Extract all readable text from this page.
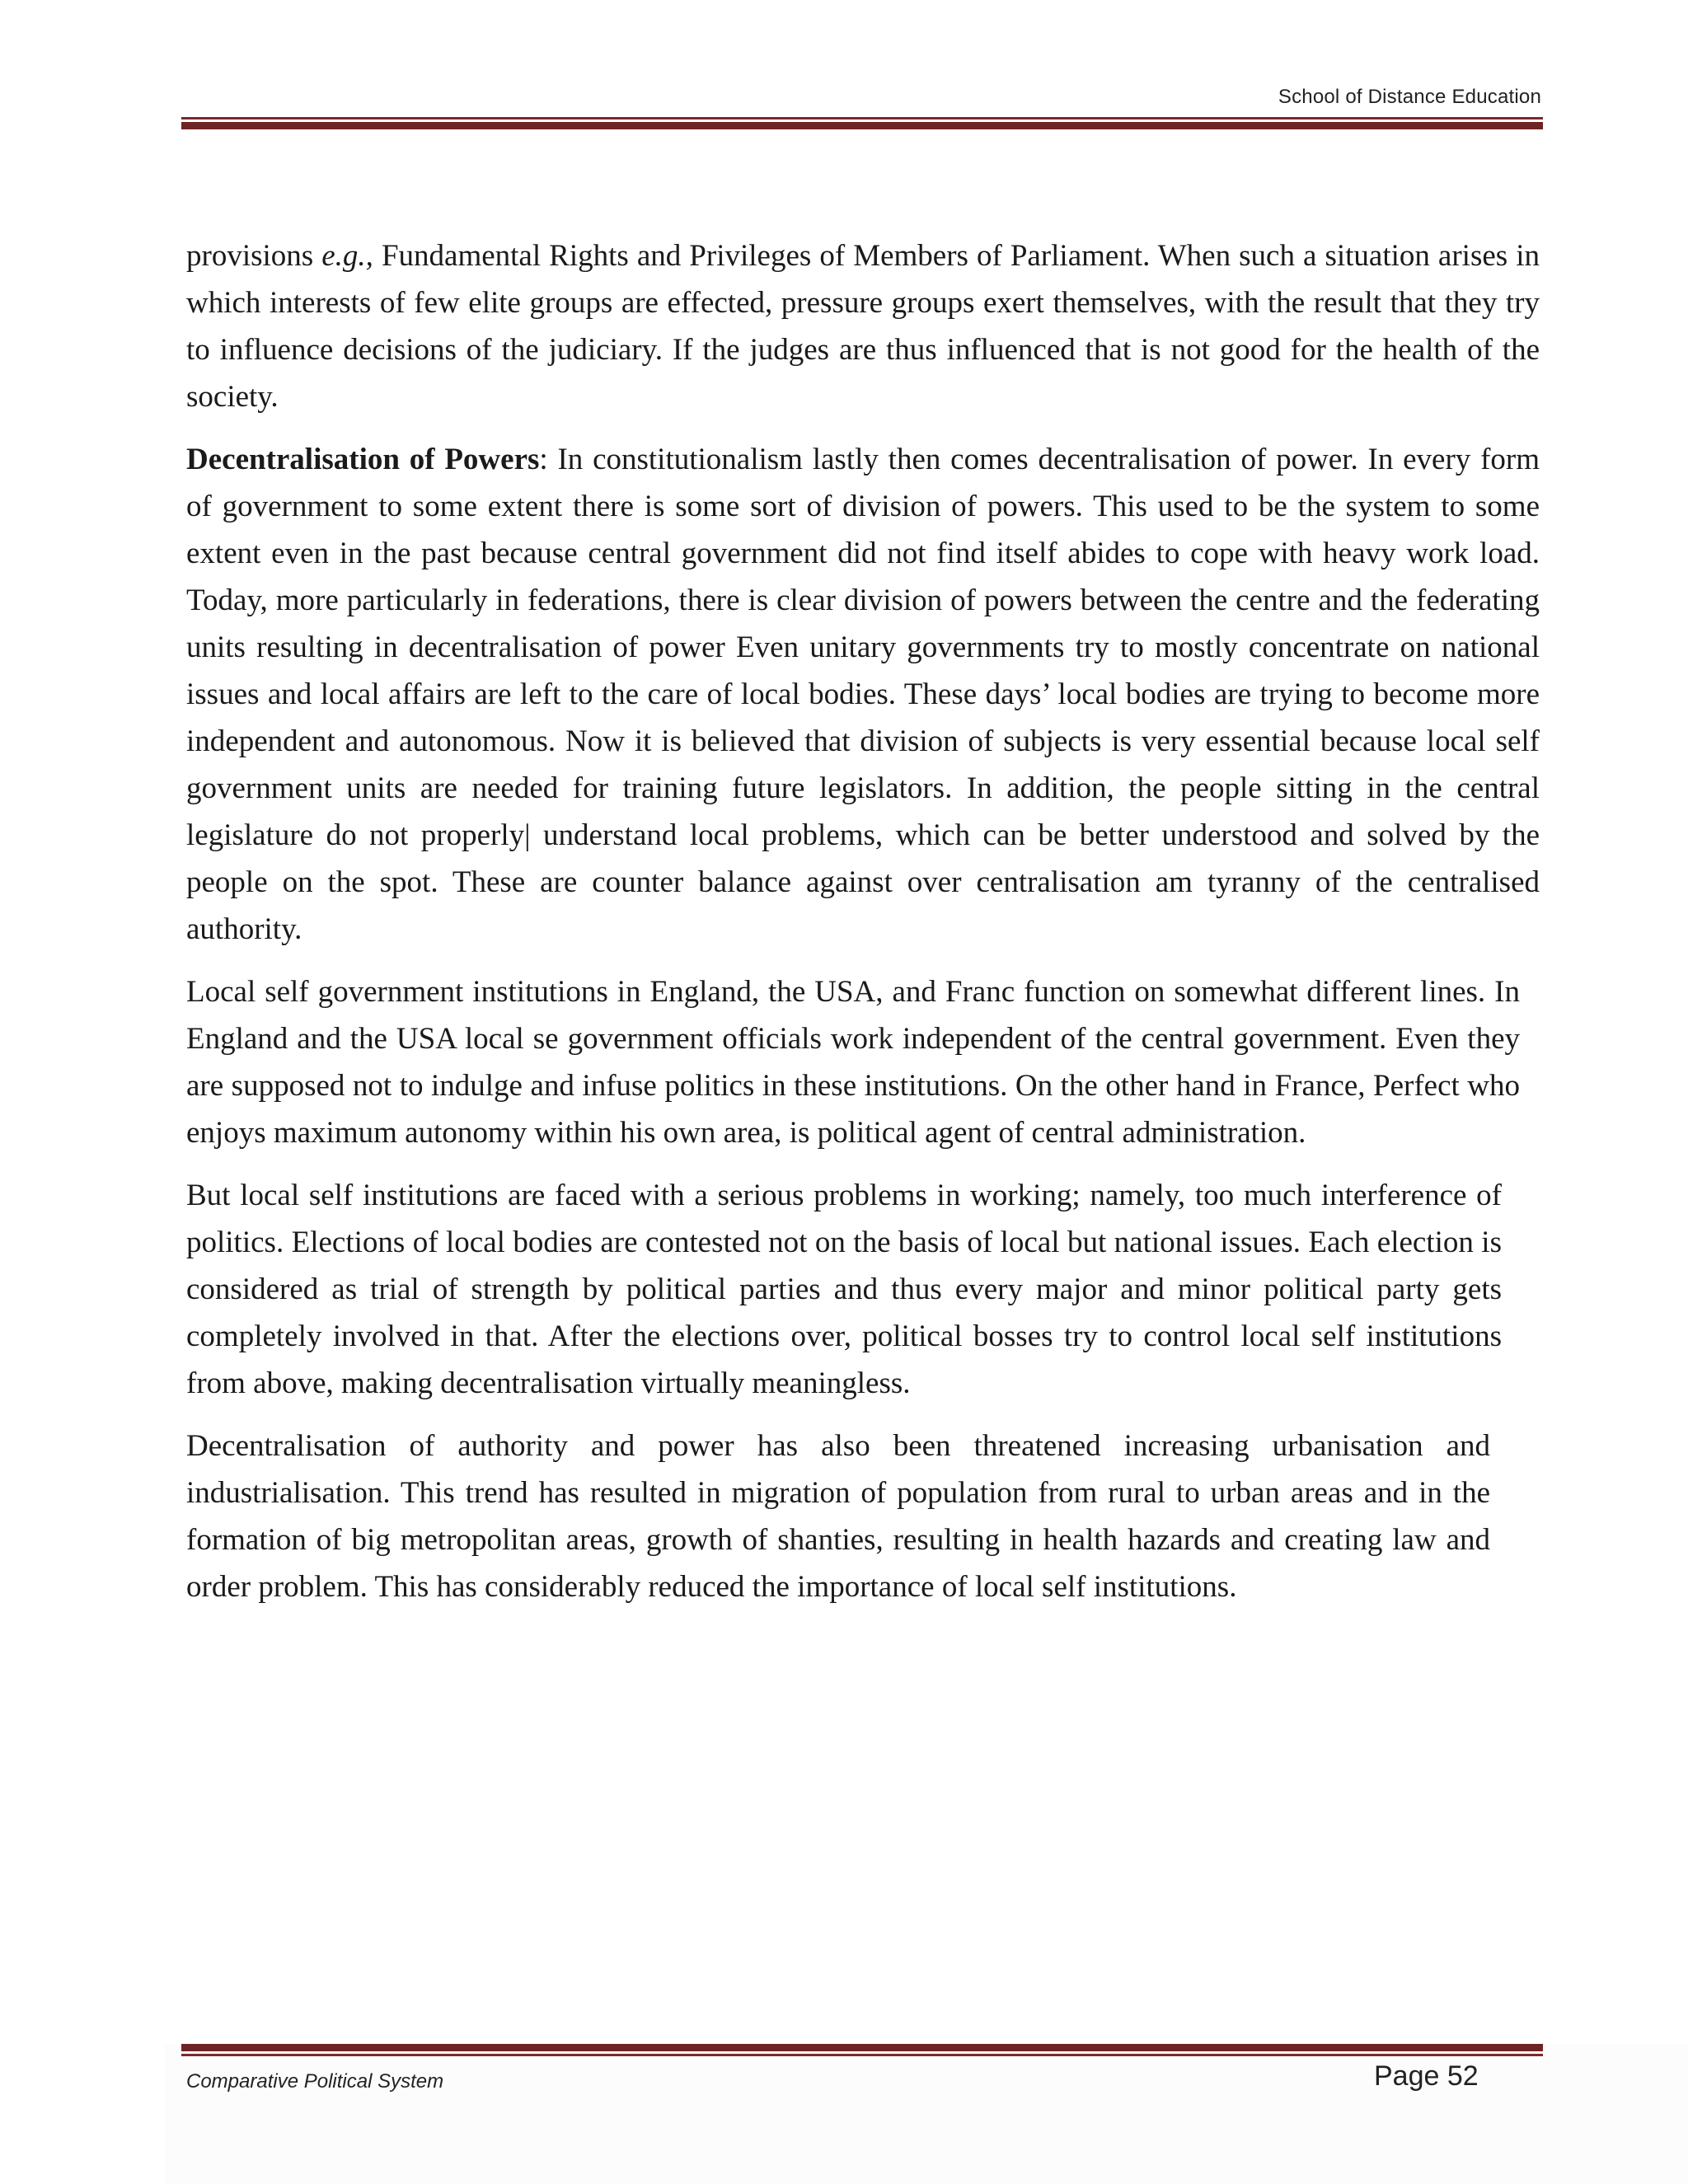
School of Distance Education

provisions e.g., Fundamental Rights and Privileges of Members of Parliament. When such a situation arises in which interests of few elite groups are effected, pressure groups exert themselves, with the result that they try to influence decisions of the judiciary. If the judges are thus influenced that is not good for the health of the society.

Decentralisation of Powers: In constitutionalism lastly then comes decentralisation of power. In every form of government to some extent there is some sort of division of powers. This used to be the system to some extent even in the past because central government did not find itself abides to cope with heavy work load. Today, more particularly in federations, there is clear division of powers between the centre and the federating units resulting in decentralisation of power Even unitary governments try to mostly concentrate on national issues and local affairs are left to the care of local bodies. These days’ local bodies are trying to become more independent and autonomous. Now it is believed that division of subjects is very essential because local self government units are needed for training future legislators. In addition, the people sitting in the central legislature do not properly| understand local problems, which can be better understood and solved by the people on the spot. These are counter balance against over centralisation am tyranny of the centralised authority.

Local self government institutions in England, the USA, and Franc function on somewhat different lines. In England and the USA local se government officials work independent of the central government. Even they are supposed not to indulge and infuse politics in these institutions. On the other hand in France, Perfect who enjoys maximum autonomy within his own area, is political agent of central administration.

But local self institutions are faced with a serious problems in working; namely, too much interference of politics. Elections of local bodies are contested not on the basis of local but national issues. Each election is considered as trial of strength by political parties and thus every major and minor political party gets completely involved in that. After the elections over, political bosses try to control local self institutions from above, making decentralisation virtually meaningless.

Decentralisation of authority and power has also been threatened increasing urbanisation and industrialisation. This trend has resulted in migration of population from rural to urban areas and in the formation of big metropolitan areas, growth of shanties, resulting in health hazards and creating law and order problem. This has considerably reduced the importance of local self institutions.

Comparative Political System	Page 52
